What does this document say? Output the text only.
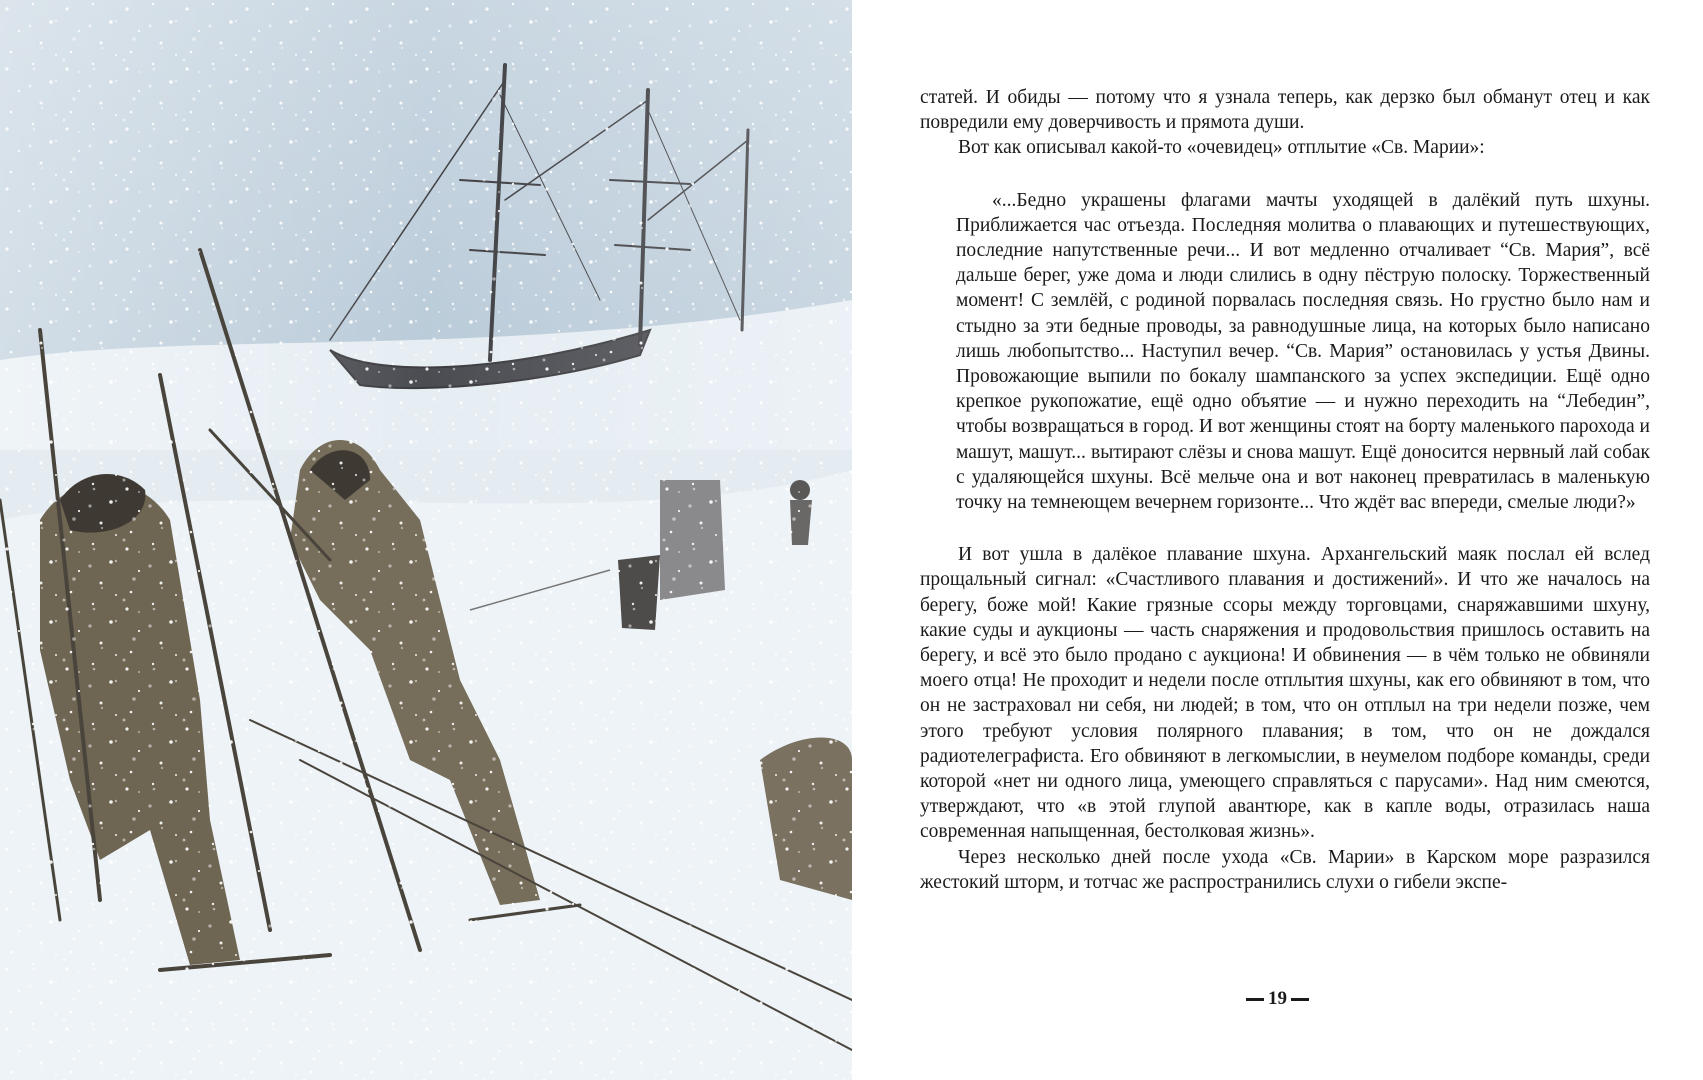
статей. И обиды — потому что я узнала теперь, как дерзко был обманут отец и как повредили ему доверчивость и прямота души.

Вот как описывал какой-то «очевидец» отплытие «Св. Марии»:

«...Бедно украшены флагами мачты уходящей в далёкий путь шхуны. Приближается час отъезда. Последняя молитва о плавающих и путешествующих, последние напутственные речи... И вот медленно отчаливает “Св. Мария”, всё дальше берег, уже дома и люди слились в одну пёструю полоску. Торжественный момент! С землёй, с родиной порвалась последняя связь. Но грустно было нам и стыдно за эти бедные проводы, за равнодушные лица, на которых было написано лишь любопытство... Наступил вечер. “Св. Мария” остановилась у устья Двины. Провожающие выпили по бокалу шампанского за успех экспедиции. Ещё одно крепкое рукопожатие, ещё одно объятие — и нужно переходить на “Лебедин”, чтобы возвращаться в город. И вот женщины стоят на борту маленького парохода и машут, машут... вытирают слёзы и снова машут. Ещё доносится нервный лай собак с удаляющейся шхуны. Всё мельче она и вот наконец превратилась в маленькую точку на темнеющем вечернем горизонте... Что ждёт вас впереди, смелые люди?»

И вот ушла в далёкое плавание шхуна. Архангельский маяк послал ей вслед прощальный сигнал: «Счастливого плавания и достижений». И что же началось на берегу, боже мой! Какие грязные ссоры между торговцами, снаряжавшими шхуну, какие суды и аукционы — часть снаряжения и продовольствия пришлось оставить на берегу, и всё это было продано с аукциона! И обвинения — в чём только не обвиняли моего отца! Не проходит и недели после отплытия шхуны, как его обвиняют в том, что он не застраховал ни себя, ни людей; в том, что он отплыл на три недели позже, чем этого требуют условия полярного плавания; в том, что он не дождался радиотелеграфиста. Его обвиняют в легкомыслии, в неумелом подборе команды, среди которой «нет ни одного лица, умеющего справляться с парусами». Над ним смеются, утверждают, что «в этой глупой авантюре, как в капле воды, отразилась наша современная напыщенная, бестолковая жизнь».

Через несколько дней после ухода «Св. Марии» в Карском море разразился жестокий шторм, и тотчас же распространились слухи о гибели экспе-

19
